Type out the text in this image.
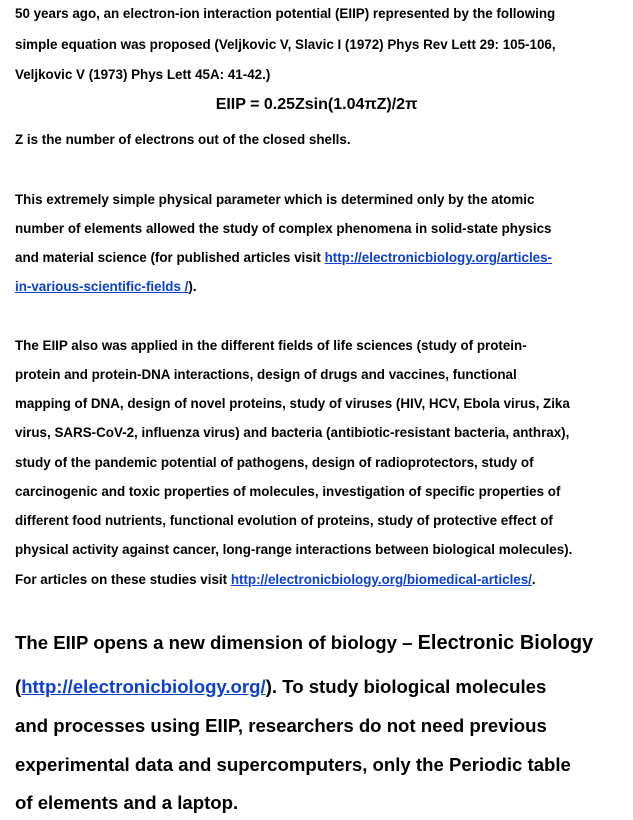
50 years ago, an electron-ion interaction potential (EIIP) represented by the following
simple equation was proposed (Veljkovic V, Slavic I (1972) Phys Rev Lett 29: 105-106,
Veljkovic V (1973) Phys Lett 45A: 41-42.)
EIIP = 0.25Zsin(1.04πZ)/2π
Z is the number of electrons out of the closed shells.
This extremely simple physical parameter which is determined only by the atomic
number of elements allowed the study of complex phenomena in solid-state physics
and material science (for published articles visit http://electronicbiology.org/articles-
in-various-scientific-fields /).
The EIIP also was applied in the different fields of life sciences (study of protein-
protein and protein-DNA interactions, design of drugs and vaccines, functional
mapping of DNA, design of novel proteins, study of viruses (HIV, HCV, Ebola virus, Zika
virus, SARS-CoV-2, influenza virus) and bacteria (antibiotic-resistant bacteria, anthrax),
study of the pandemic potential of pathogens, design of radioprotectors, study of
carcinogenic and toxic properties of molecules, investigation of specific properties of
different food nutrients, functional evolution of proteins, study of protective effect of
physical activity against cancer, long-range interactions between biological molecules).
For articles on these studies visit http://electronicbiology.org/biomedical-articles/.
The EIIP opens a new dimension of biology – Electronic Biology
(http://electronicbiology.org/). To study biological molecules
and processes using EIIP, researchers do not need previous
experimental data and supercomputers, only the Periodic table
of elements and a laptop.
